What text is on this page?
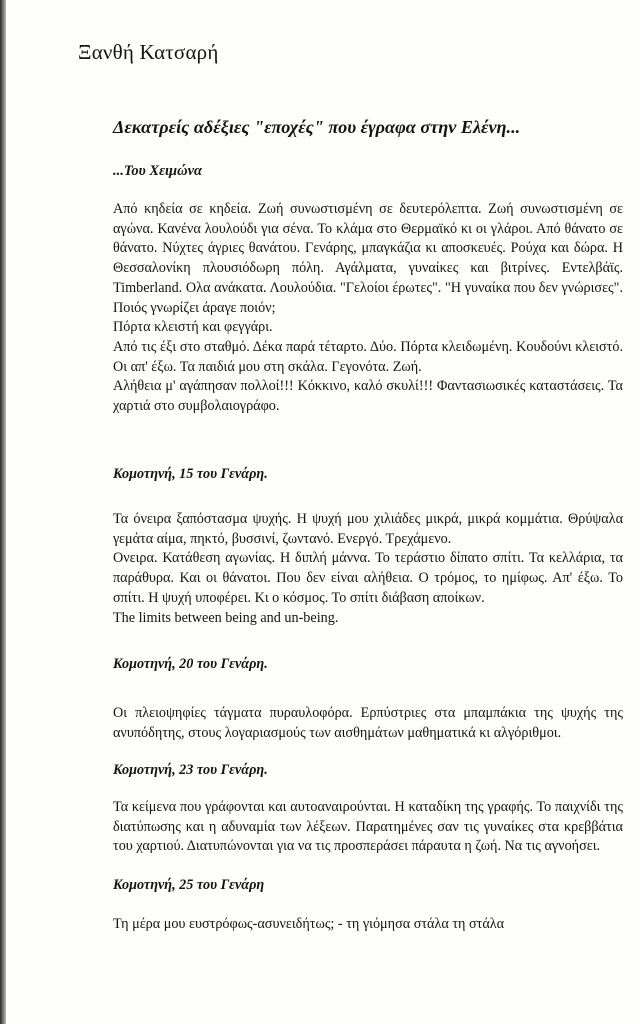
Ξανθή Κατσαρή
Δεκατρείς αδέξιες "εποχές" που έγραφα στην Ελένη...
...Του Χειμώνα

Από κηδεία σε κηδεία. Ζωή συνωστισμένη σε δευτερόλεπτα. Ζωή συνωστισμένη σε αγώνα. Κανένα λουλούδι για σένα. Το κλάμα στο Θερμαϊκό κι οι γλάροι. Από θάνατο σε θάνατο. Νύχτες άγριες θανάτου. Γενάρης, μπαγκάζια κι αποσκευές. Ρούχα και δώρα. Η Θεσσαλονίκη πλουσιόδωρη πόλη. Αγάλματα, γυναίκες και βιτρίνες. Εντελβάϊς. Timberland. Ολα ανάκατα. Λουλούδια. "Γελοίοι έρωτες". "Η γυναίκα που δεν γνώρισες". Ποιός γνωρίζει άραγε ποιόν;

Πόρτα κλειστή και φεγγάρι.

Από τις έξι στο σταθμό. Δέκα παρά τέταρτο. Δύο. Πόρτα κλειδωμένη. Κουδούνι κλειστό. Οι απ' έξω. Τα παιδιά μου στη σκάλα. Γεγονότα. Ζωή.

Αλήθεια μ' αγάπησαν πολλοί!!! Κόκκινο, καλό σκυλί!!! Φαντασιωσικές καταστάσεις. Τα χαρτιά στο συμβολαιογράφο.

Κομοτηνή, 15 του Γενάρη.

Τα όνειρα ξαπόστασμα ψυχής. Η ψυχή μου χιλιάδες μικρά, μικρά κομμάτια. Θρύψαλα γεμάτα αίμα, πηκτό, βυσσινί, ζωντανό. Ενεργό. Τρεχάμενο.

Ονειρα. Κατάθεση αγωνίας. Η διπλή μάννα. Το τεράστιο δίπατο σπίτι. Τα κελλάρια, τα παράθυρα. Και οι θάνατοι. Που δεν είναι αλήθεια. Ο τρόμος, το ημίφως. Απ' έξω. Το σπίτι. Η ψυχή υποφέρει. Κι ο κόσμος. Το σπίτι διάβαση αποίκων.

The limits between being and un-being.

Κομοτηνή, 20 του Γενάρη.

Οι πλειοψηφίες τάγματα πυραυλοφόρα. Ερπύστριες στα μπαμπάκια της ψυχής της ανυπόδητης, στους λογαριασμούς των αισθημάτων μαθηματικά κι αλγόριθμοι.

Κομοτηνή, 23 του Γενάρη.

Τα κείμενα που γράφονται και αυτοαναιρούνται. Η καταδίκη της γραφής. Το παιχνίδι της διατύπωσης και η αδυναμία των λέξεων. Παρατημένες σαν τις γυναίκες στα κρεββάτια του χαρτιού. Διατυπώνονται για να τις προσπεράσει πάραυτα η ζωή. Να τις αγνοήσει.

Κομοτηνή, 25 του Γενάρη

Τη μέρα μου ευστρόφως-ασυνειδήτως; - τη γιόμησα στάλα τη στάλα
